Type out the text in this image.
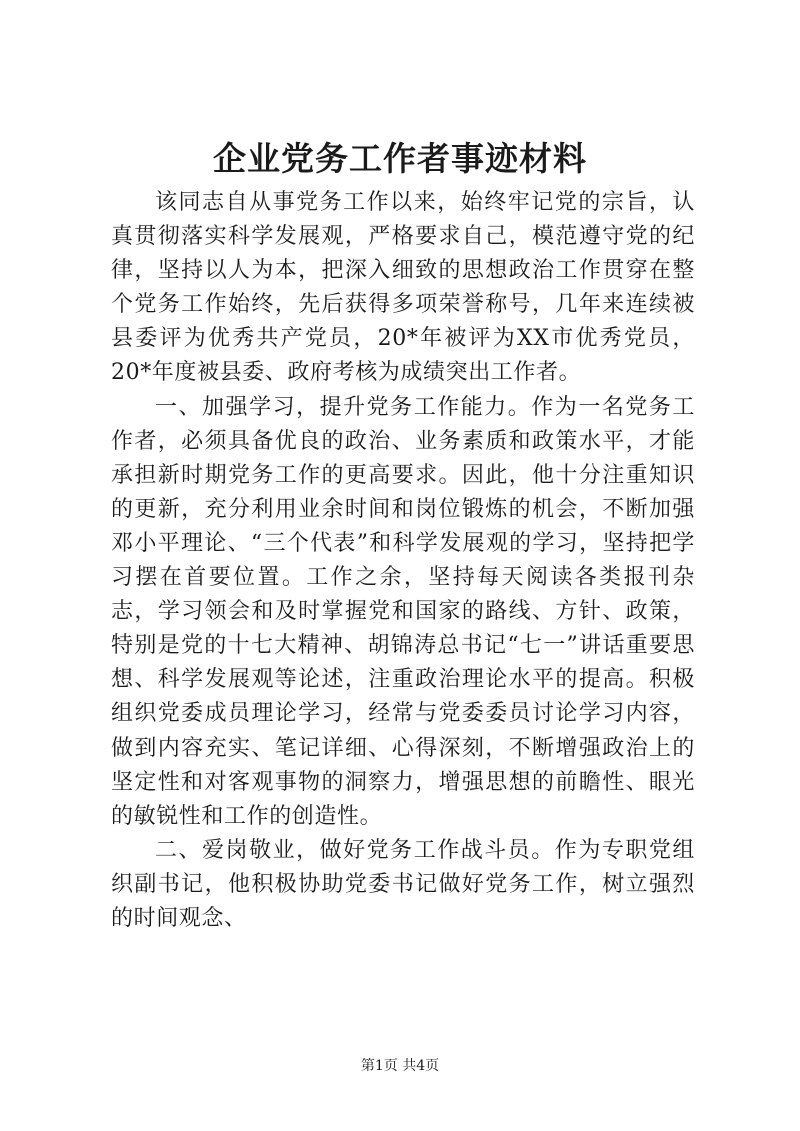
企业党务工作者事迹材料

该同志自从事党务工作以来，始终牢记党的宗旨，认真贯彻落实科学发展观，严格要求自己，模范遵守党的纪律，坚持以人为本，把深入细致的思想政治工作贯穿在整个党务工作始终，先后获得多项荣誉称号，几年来连续被县委评为优秀共产党员，20*年被评为XX市优秀党员，20*年度被县委、政府考核为成绩突出工作者。

一、加强学习，提升党务工作能力。作为一名党务工作者，必须具备优良的政治、业务素质和政策水平，才能承担新时期党务工作的更高要求。因此，他十分注重知识的更新，充分利用业余时间和岗位锻炼的机会，不断加强邓小平理论、“三个代表”和科学发展观的学习，坚持把学习摆在首要位置。工作之余，坚持每天阅读各类报刊杂志，学习领会和及时掌握党和国家的路线、方针、政策，特别是党的十七大精神、胡锦涛总书记“七一”讲话重要思想、科学发展观等论述，注重政治理论水平的提高。积极组织党委成员理论学习，经常与党委委员讨论学习内容，做到内容充实、笔记详细、心得深刻，不断增强政治上的坚定性和对客观事物的洞察力，增强思想的前瞻性、眼光的敏锐性和工作的创造性。

二、爱岗敬业，做好党务工作战斗员。作为专职党组织副书记，他积极协助党委书记做好党务工作，树立强烈的时间观念、

第1页 共4页
